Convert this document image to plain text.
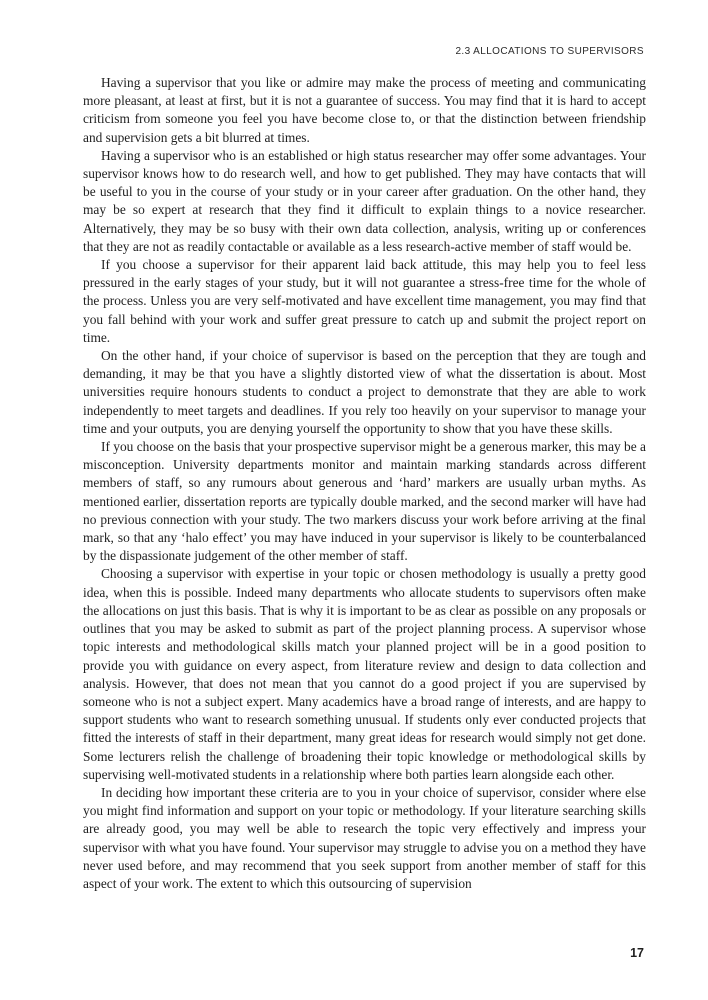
2.3 ALLOCATIONS TO SUPERVISORS

Having a supervisor that you like or admire may make the process of meeting and communicating more pleasant, at least at first, but it is not a guarantee of success. You may find that it is hard to accept criticism from someone you feel you have become close to, or that the distinction between friendship and supervision gets a bit blurred at times.

Having a supervisor who is an established or high status researcher may offer some advantages. Your supervisor knows how to do research well, and how to get published. They may have contacts that will be useful to you in the course of your study or in your career after graduation. On the other hand, they may be so expert at research that they find it difficult to explain things to a novice researcher. Alternatively, they may be so busy with their own data collection, analysis, writing up or conferences that they are not as readily contactable or available as a less research-active member of staff would be.

If you choose a supervisor for their apparent laid back attitude, this may help you to feel less pressured in the early stages of your study, but it will not guarantee a stress-free time for the whole of the process. Unless you are very self-motivated and have excellent time management, you may find that you fall behind with your work and suffer great pressure to catch up and submit the project report on time.

On the other hand, if your choice of supervisor is based on the perception that they are tough and demanding, it may be that you have a slightly distorted view of what the dissertation is about. Most universities require honours students to conduct a project to demonstrate that they are able to work independently to meet targets and deadlines. If you rely too heavily on your supervisor to manage your time and your outputs, you are denying yourself the opportunity to show that you have these skills.

If you choose on the basis that your prospective supervisor might be a generous marker, this may be a misconception. University departments monitor and maintain marking standards across different members of staff, so any rumours about generous and ‘hard’ markers are usually urban myths. As mentioned earlier, dissertation reports are typically double marked, and the second marker will have had no previous connection with your study. The two markers discuss your work before arriving at the final mark, so that any ‘halo effect’ you may have induced in your supervisor is likely to be counterbalanced by the dispassionate judgement of the other member of staff.

Choosing a supervisor with expertise in your topic or chosen methodology is usually a pretty good idea, when this is possible. Indeed many departments who allocate students to supervisors often make the allocations on just this basis. That is why it is important to be as clear as possible on any proposals or outlines that you may be asked to submit as part of the project planning process. A supervisor whose topic interests and methodological skills match your planned project will be in a good position to provide you with guidance on every aspect, from literature review and design to data collection and analysis. However, that does not mean that you cannot do a good project if you are supervised by someone who is not a subject expert. Many academics have a broad range of interests, and are happy to support students who want to research something unusual. If students only ever conducted projects that fitted the interests of staff in their department, many great ideas for research would simply not get done. Some lecturers relish the challenge of broadening their topic knowledge or methodological skills by supervising well-motivated students in a relationship where both parties learn alongside each other.

In deciding how important these criteria are to you in your choice of supervisor, consider where else you might find information and support on your topic or methodology. If your literature searching skills are already good, you may well be able to research the topic very effectively and impress your supervisor with what you have found. Your supervisor may struggle to advise you on a method they have never used before, and may recommend that you seek support from another member of staff for this aspect of your work. The extent to which this outsourcing of supervision

17
